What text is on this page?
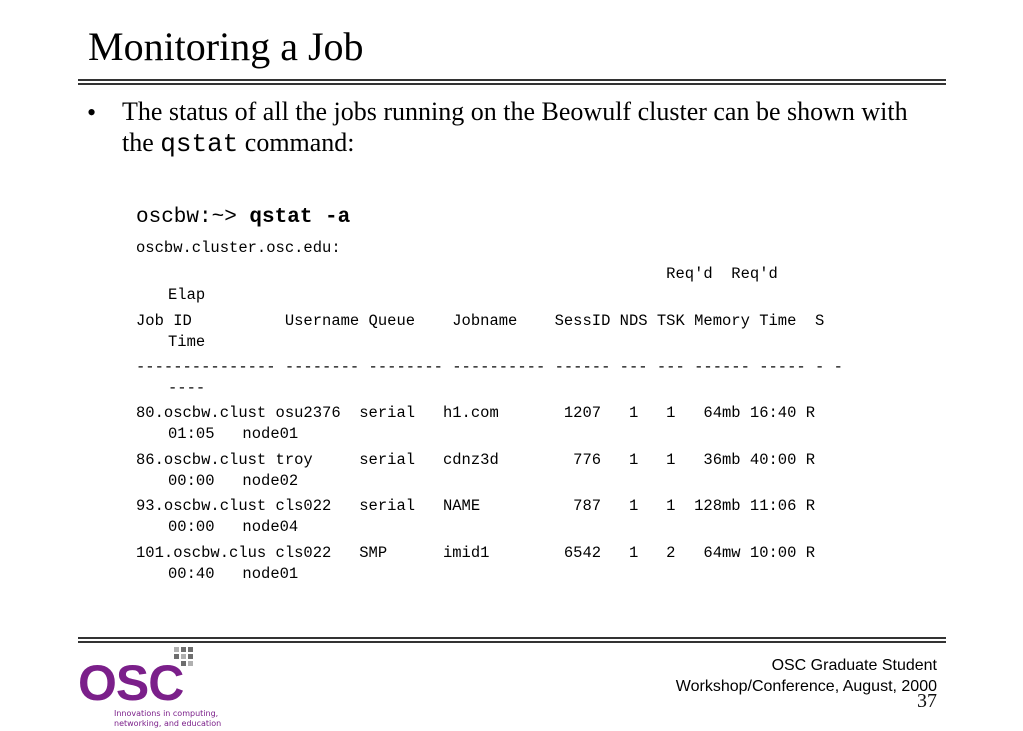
Monitoring a Job
• The status of all the jobs running on the Beowulf cluster can be shown with the qstat command:
oscbw:~> qstat -a
oscbw.cluster.osc.edu:
Req'd  Req'd
Elap
Job ID          Username Queue    Jobname    SessID NDS TSK Memory Time  S
Time
--------------- -------- -------- ---------- ------ --- --- ------ ----- - -
----
80.oscbw.clust osu2376  serial   h1.com       1207   1   1   64mb 16:40 R
01:05   node01
86.oscbw.clust troy     serial   cdnz3d        776   1   1   36mb 40:00 R
00:00   node02
93.oscbw.clust cls022   serial   NAME          787   1   1  128mb 11:06 R
00:00   node04
101.oscbw.clus cls022   SMP      imid1        6542   1   2   64mw 10:00 R
00:40   node01
OSC
Innovations in computing,
networking, and education
OSC Graduate Student
Workshop/Conference, August, 2000
37
